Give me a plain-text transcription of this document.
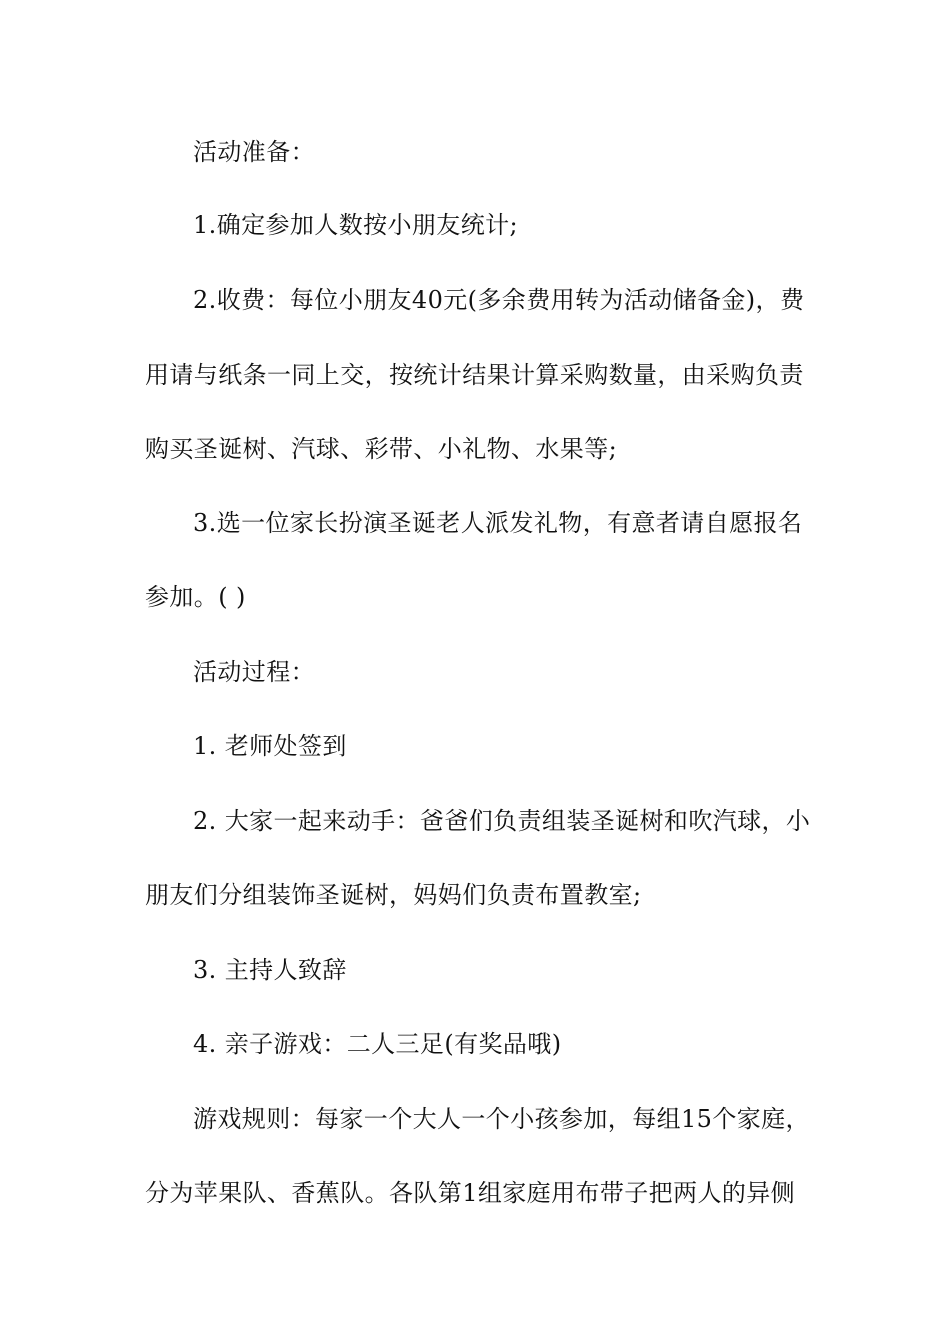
活动准备：
1.确定参加人数按小朋友统计;
2.收费：每位小朋友40元(多余费用转为活动储备金)，费
用请与纸条一同上交，按统计结果计算采购数量，由采购负责
购买圣诞树、汽球、彩带、小礼物、水果等;
3.选一位家长扮演圣诞老人派发礼物，有意者请自愿报名
参加。( )
活动过程：
1. 老师处签到
2. 大家一起来动手：爸爸们负责组装圣诞树和吹汽球，小
朋友们分组装饰圣诞树，妈妈们负责布置教室;
3. 主持人致辞
4. 亲子游戏：二人三足(有奖品哦)
游戏规则：每家一个大人一个小孩参加，每组15个家庭，
分为苹果队、香蕉队。各队第1组家庭用布带子把两人的异侧
